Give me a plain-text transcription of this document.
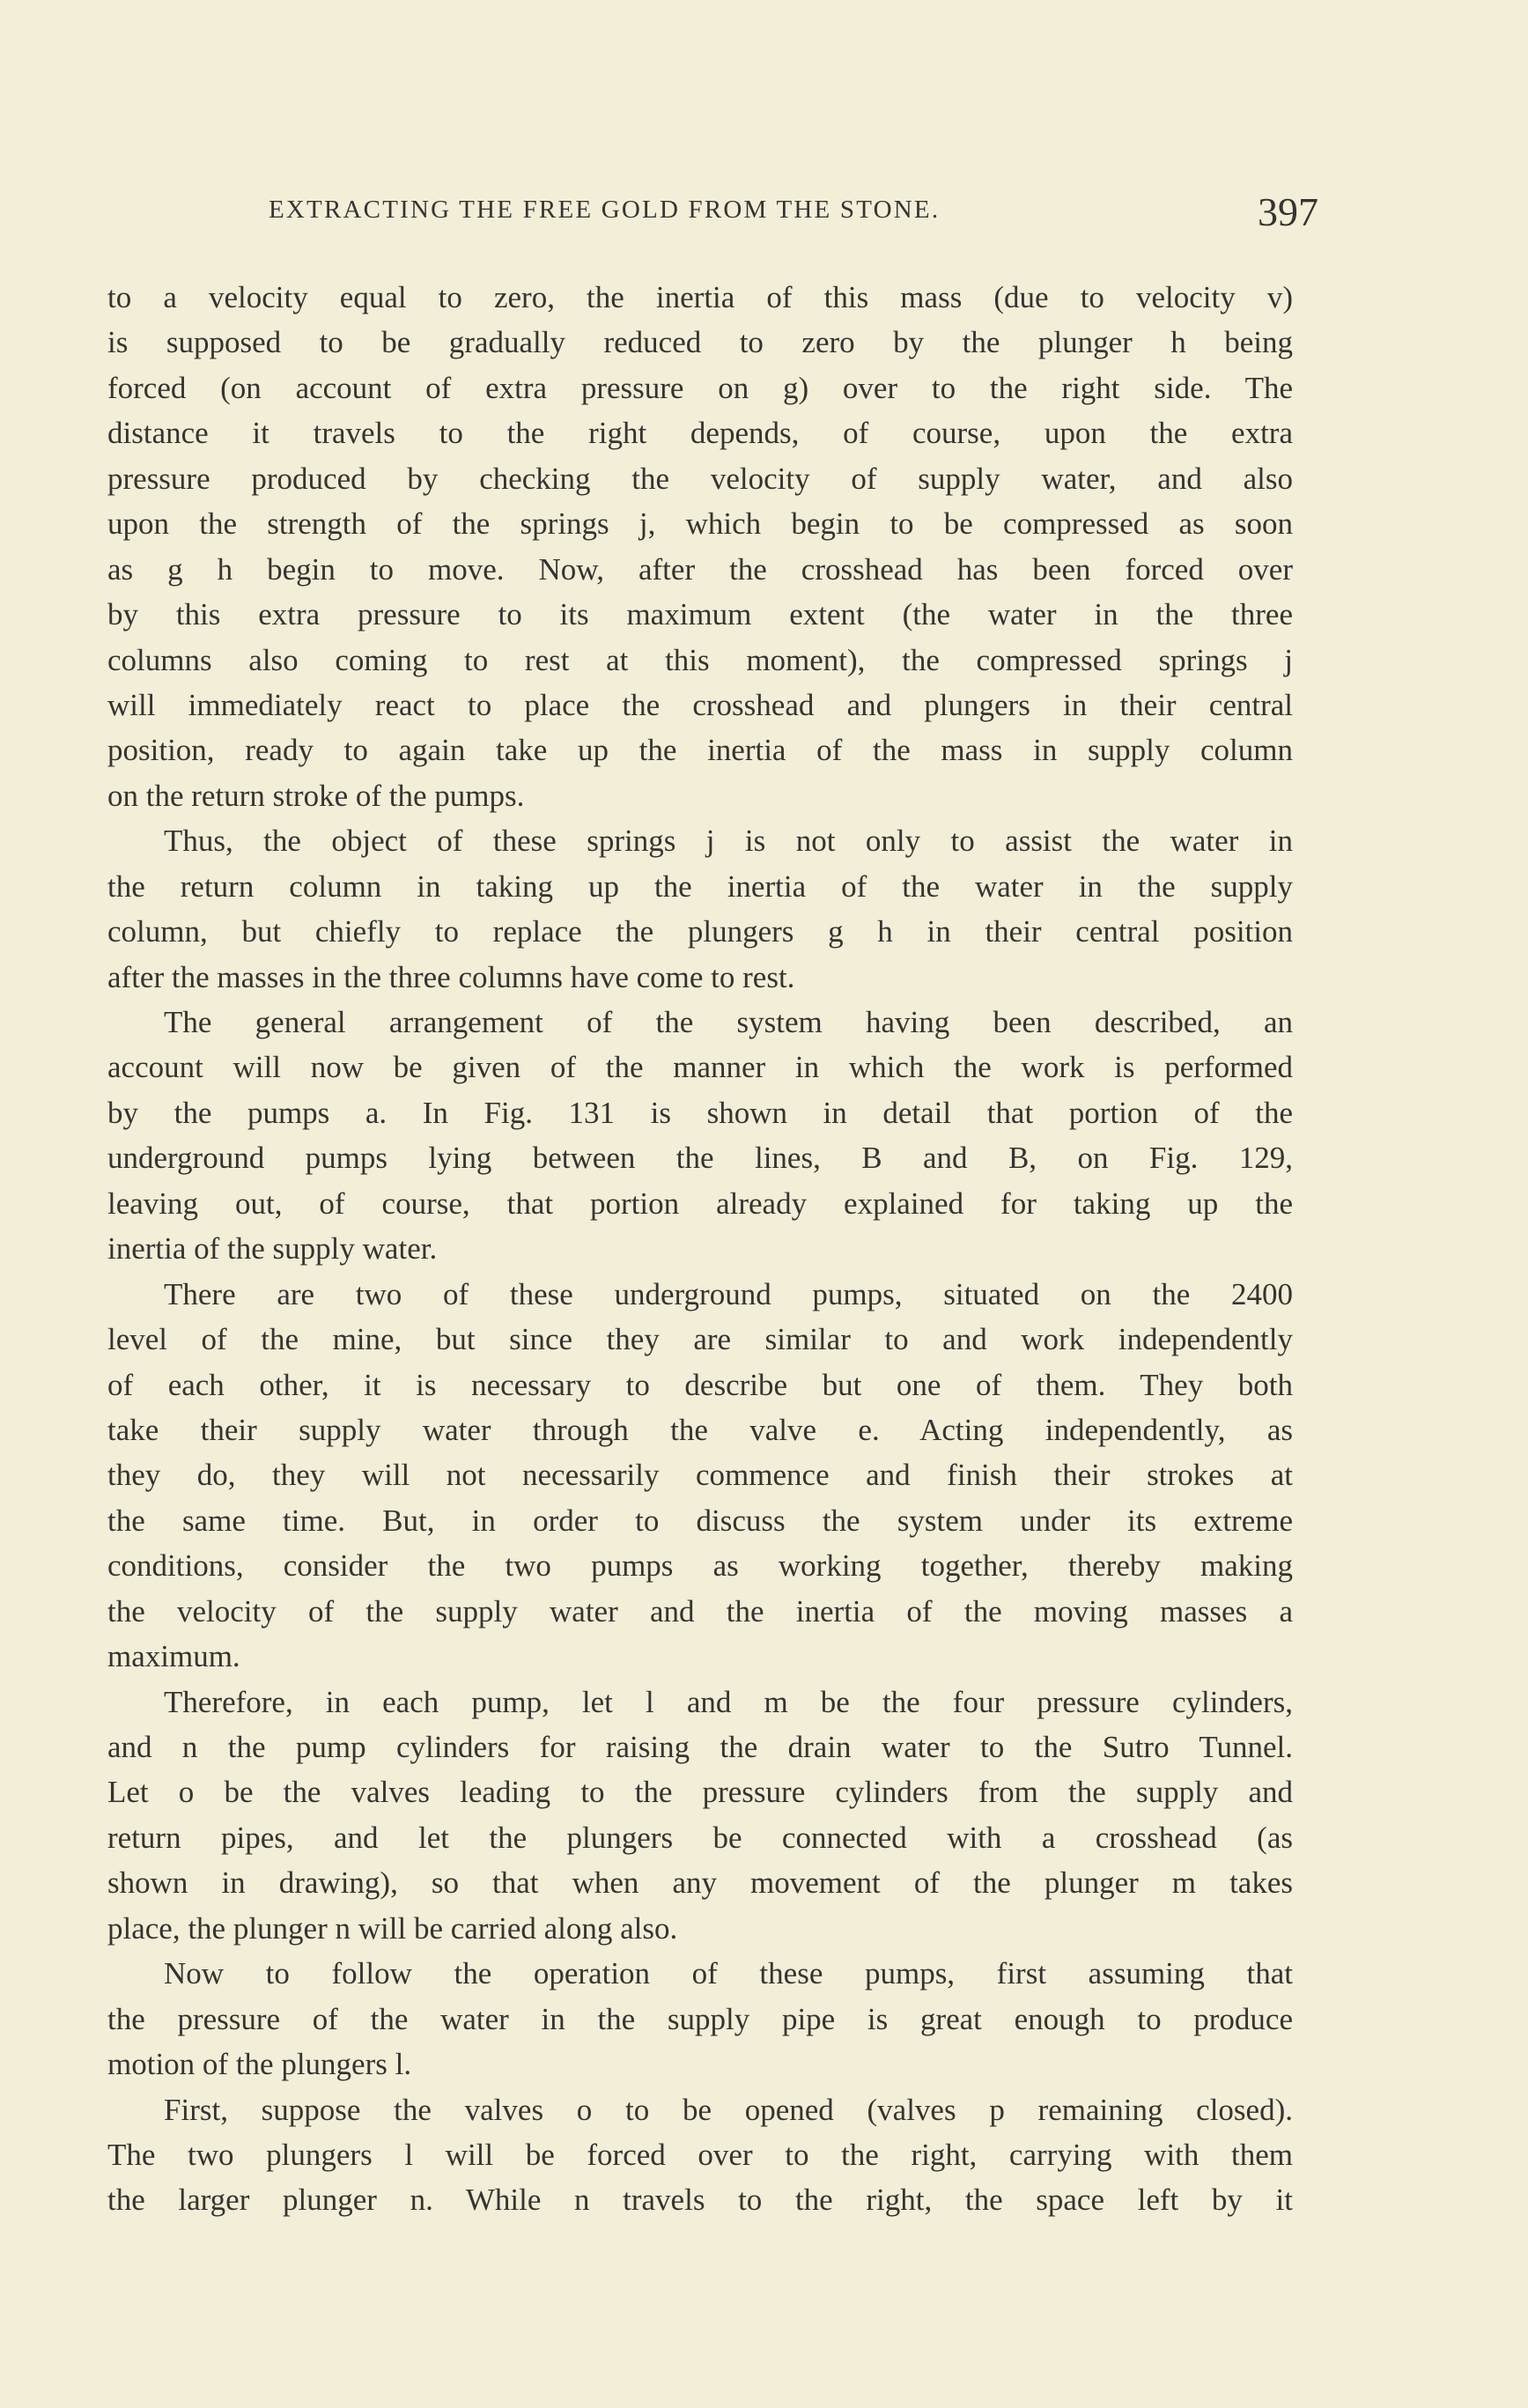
EXTRACTING THE FREE GOLD FROM THE STONE.	397
to a velocity equal to zero, the inertia of this mass (due to velocity v)
is supposed to be gradually reduced to zero by the plunger h being
forced (on account of extra pressure on g) over to the right side. The
distance it travels to the right depends, of course, upon the extra
pressure produced by checking the velocity of supply water, and also
upon the strength of the springs j, which begin to be compressed as soon
as g h begin to move. Now, after the crosshead has been forced over
by this extra pressure to its maximum extent (the water in the three
columns also coming to rest at this moment), the compressed springs j
will immediately react to place the crosshead and plungers in their central
position, ready to again take up the inertia of the mass in supply column
on the return stroke of the pumps.
Thus, the object of these springs j is not only to assist the water in
the return column in taking up the inertia of the water in the supply
column, but chiefly to replace the plungers g h in their central position
after the masses in the three columns have come to rest.
The general arrangement of the system having been described, an
account will now be given of the manner in which the work is performed
by the pumps a. In Fig. 131 is shown in detail that portion of the
underground pumps lying between the lines, B and B, on Fig. 129,
leaving out, of course, that portion already explained for taking up the
inertia of the supply water.
There are two of these underground pumps, situated on the 2400
level of the mine, but since they are similar to and work independently
of each other, it is necessary to describe but one of them. They both
take their supply water through the valve e. Acting independently, as
they do, they will not necessarily commence and finish their strokes at
the same time. But, in order to discuss the system under its extreme
conditions, consider the two pumps as working together, thereby making
the velocity of the supply water and the inertia of the moving masses a
maximum.
Therefore, in each pump, let l and m be the four pressure cylinders,
and n the pump cylinders for raising the drain water to the Sutro Tunnel.
Let o be the valves leading to the pressure cylinders from the supply and
return pipes, and let the plungers be connected with a crosshead (as
shown in drawing), so that when any movement of the plunger m takes
place, the plunger n will be carried along also.
Now to follow the operation of these pumps, first assuming that
the pressure of the water in the supply pipe is great enough to produce
motion of the plungers l.
First, suppose the valves o to be opened (valves p remaining closed).
The two plungers l will be forced over to the right, carrying with them
the larger plunger n. While n travels to the right, the space left by it
